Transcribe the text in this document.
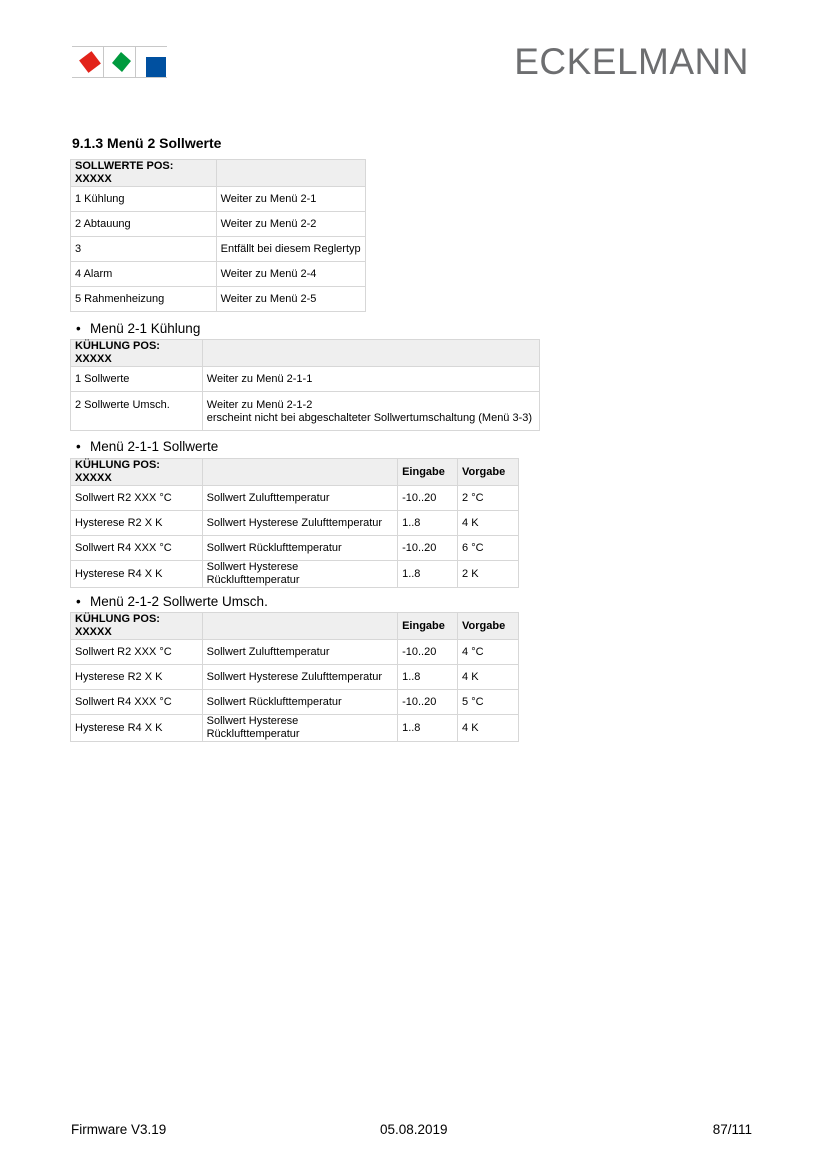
ECKELMANN
9.1.3 Menü 2 Sollwerte
SOLLWERTE POS: XXXXX	
1 Kühlung	Weiter zu Menü 2-1
2 Abtauung	Weiter zu Menü 2-2
3	Entfällt bei diesem Reglertyp
4 Alarm	Weiter zu Menü 2-4
5 Rahmenheizung	Weiter zu Menü 2-5
• Menü 2-1 Kühlung
KÜHLUNG POS: XXXXX	
1 Sollwerte	Weiter zu Menü 2-1-1
2 Sollwerte Umsch.	Weiter zu Menü 2-1-2
erscheint nicht bei abgeschalteter Sollwertumschaltung (Menü 3-3)
• Menü 2-1-1 Sollwerte
KÜHLUNG POS: XXXXX		Eingabe	Vorgabe
Sollwert R2 XXX °C	Sollwert Zulufttemperatur	-10..20	2 °C
Hysterese R2 X K	Sollwert Hysterese Zulufttemperatur	1..8	4 K
Sollwert R4 XXX °C	Sollwert Rücklufttemperatur	-10..20	6 °C
Hysterese R4 X K	Sollwert Hysterese Rücklufttemperatur	1..8	2 K
• Menü 2-1-2 Sollwerte Umsch.
KÜHLUNG POS: XXXXX		Eingabe	Vorgabe
Sollwert R2 XXX °C	Sollwert Zulufttemperatur	-10..20	4 °C
Hysterese R2 X K	Sollwert Hysterese Zulufttemperatur	1..8	4 K
Sollwert R4 XXX °C	Sollwert Rücklufttemperatur	-10..20	5 °C
Hysterese R4 X K	Sollwert Hysterese Rücklufttemperatur	1..8	4 K
Firmware V3.19	05.08.2019	87/111
